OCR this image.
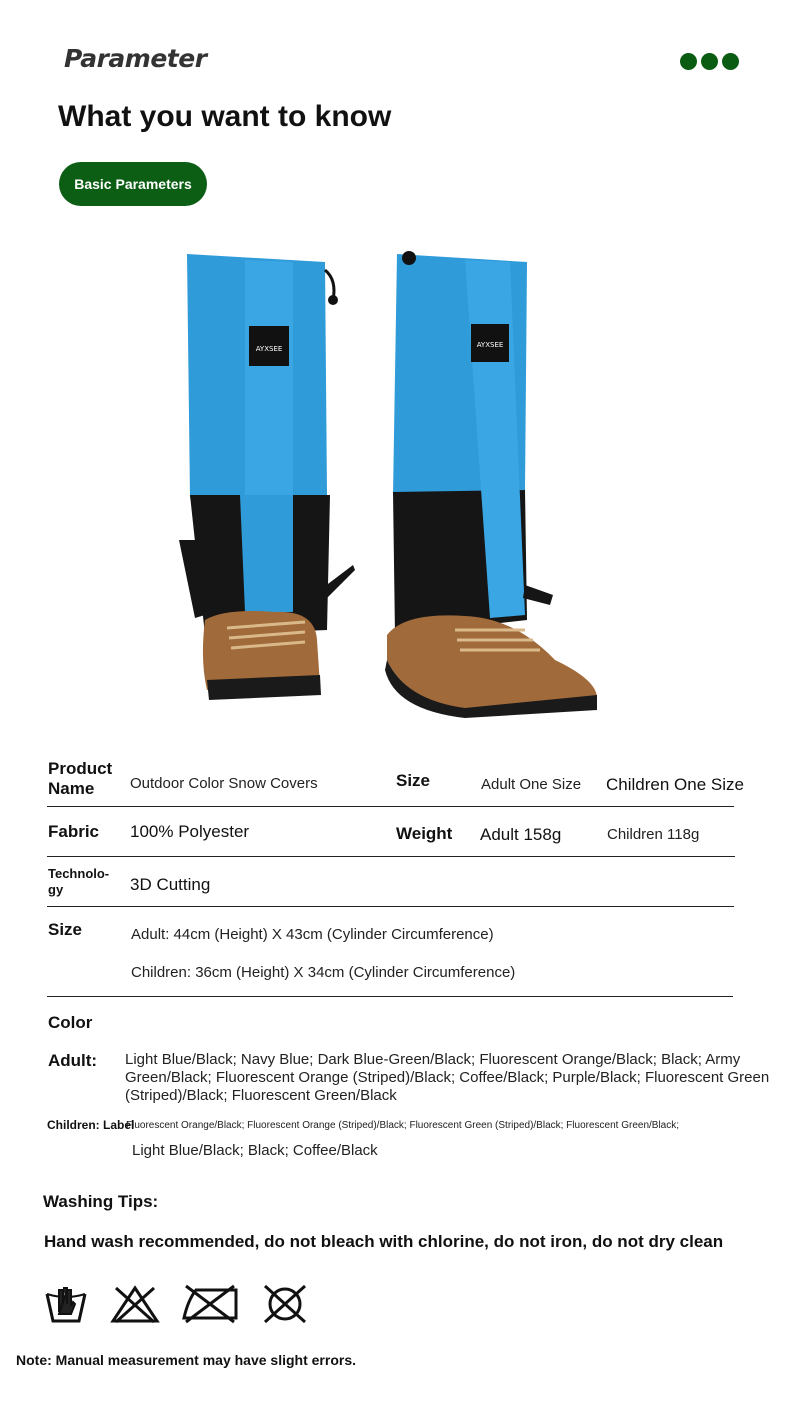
Parameter
What you want to know
Basic Parameters
AYXSEE	AYXSEE
Product Name	Outdoor Color Snow Covers	Size	Adult One Size Children One Size
Fabric 100% Polyester	Weight Adult 158g	Children 118g
Technolo-gy	3D Cutting
Size	Adult: 44cm (Height) X 43cm (Cylinder Circumference)
Children: 36cm (Height) X 34cm (Cylinder Circumference)
Color
Adult: Light Blue/Black; Navy Blue; Dark Blue-Green/Black; Fluorescent Orange/Black; Black; Army Green/Black; Fluorescent Orange (Striped)/Black; Coffee/Black; Purple/Black; Fluorescent Green (Striped)/Black; Fluorescent Green/Black
Children: Label
Fluorescent Orange/Black; Fluorescent Orange (Striped)/Black; Fluorescent Green (Striped)/Black; Fluorescent Green/Black;
Light Blue/Black; Black; Coffee/Black
Washing Tips:
Hand wash recommended, do not bleach with chlorine, do not iron, do not dry clean
Note: Manual measurement may have slight errors.
